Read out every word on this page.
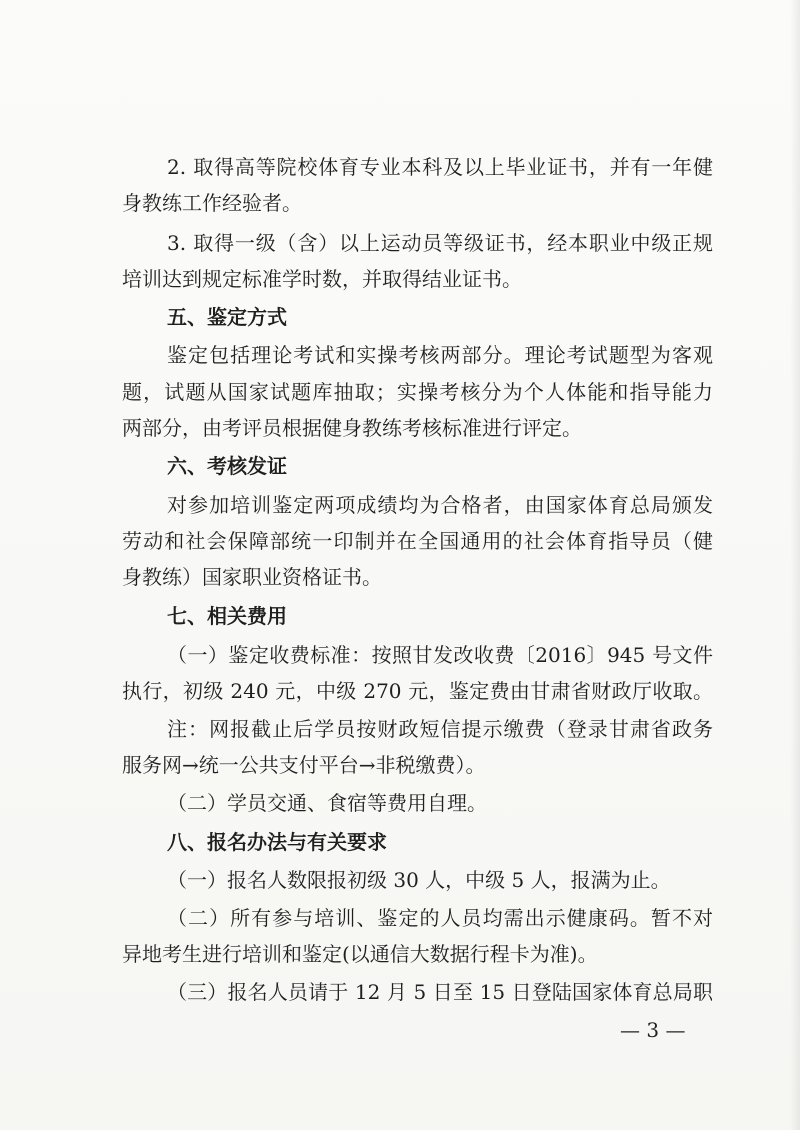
2. 取得高等院校体育专业本科及以上毕业证书，并有一年健

身教练工作经验者。

3. 取得一级（含）以上运动员等级证书，经本职业中级正规

培训达到规定标准学时数，并取得结业证书。

五、鉴定方式

鉴定包括理论考试和实操考核两部分。理论考试题型为客观

题，试题从国家试题库抽取；实操考核分为个人体能和指导能力

两部分，由考评员根据健身教练考核标准进行评定。

六、考核发证

对参加培训鉴定两项成绩均为合格者，由国家体育总局颁发

劳动和社会保障部统一印制并在全国通用的社会体育指导员（健

身教练）国家职业资格证书。

七、相关费用

（一）鉴定收费标准：按照甘发改收费〔2016〕945 号文件

执行，初级 240 元，中级 270 元，鉴定费由甘肃省财政厅收取。

注：网报截止后学员按财政短信提示缴费（登录甘肃省政务

服务网→统一公共支付平台→非税缴费）。

（二）学员交通、食宿等费用自理。

八、报名办法与有关要求

（一）报名人数限报初级 30 人，中级 5 人，报满为止。

（二）所有参与培训、鉴定的人员均需出示健康码。暂不对

异地考生进行培训和鉴定(以通信大数据行程卡为准)。

（三）报名人员请于 12 月 5 日至 15 日登陆国家体育总局职

— 3 —
